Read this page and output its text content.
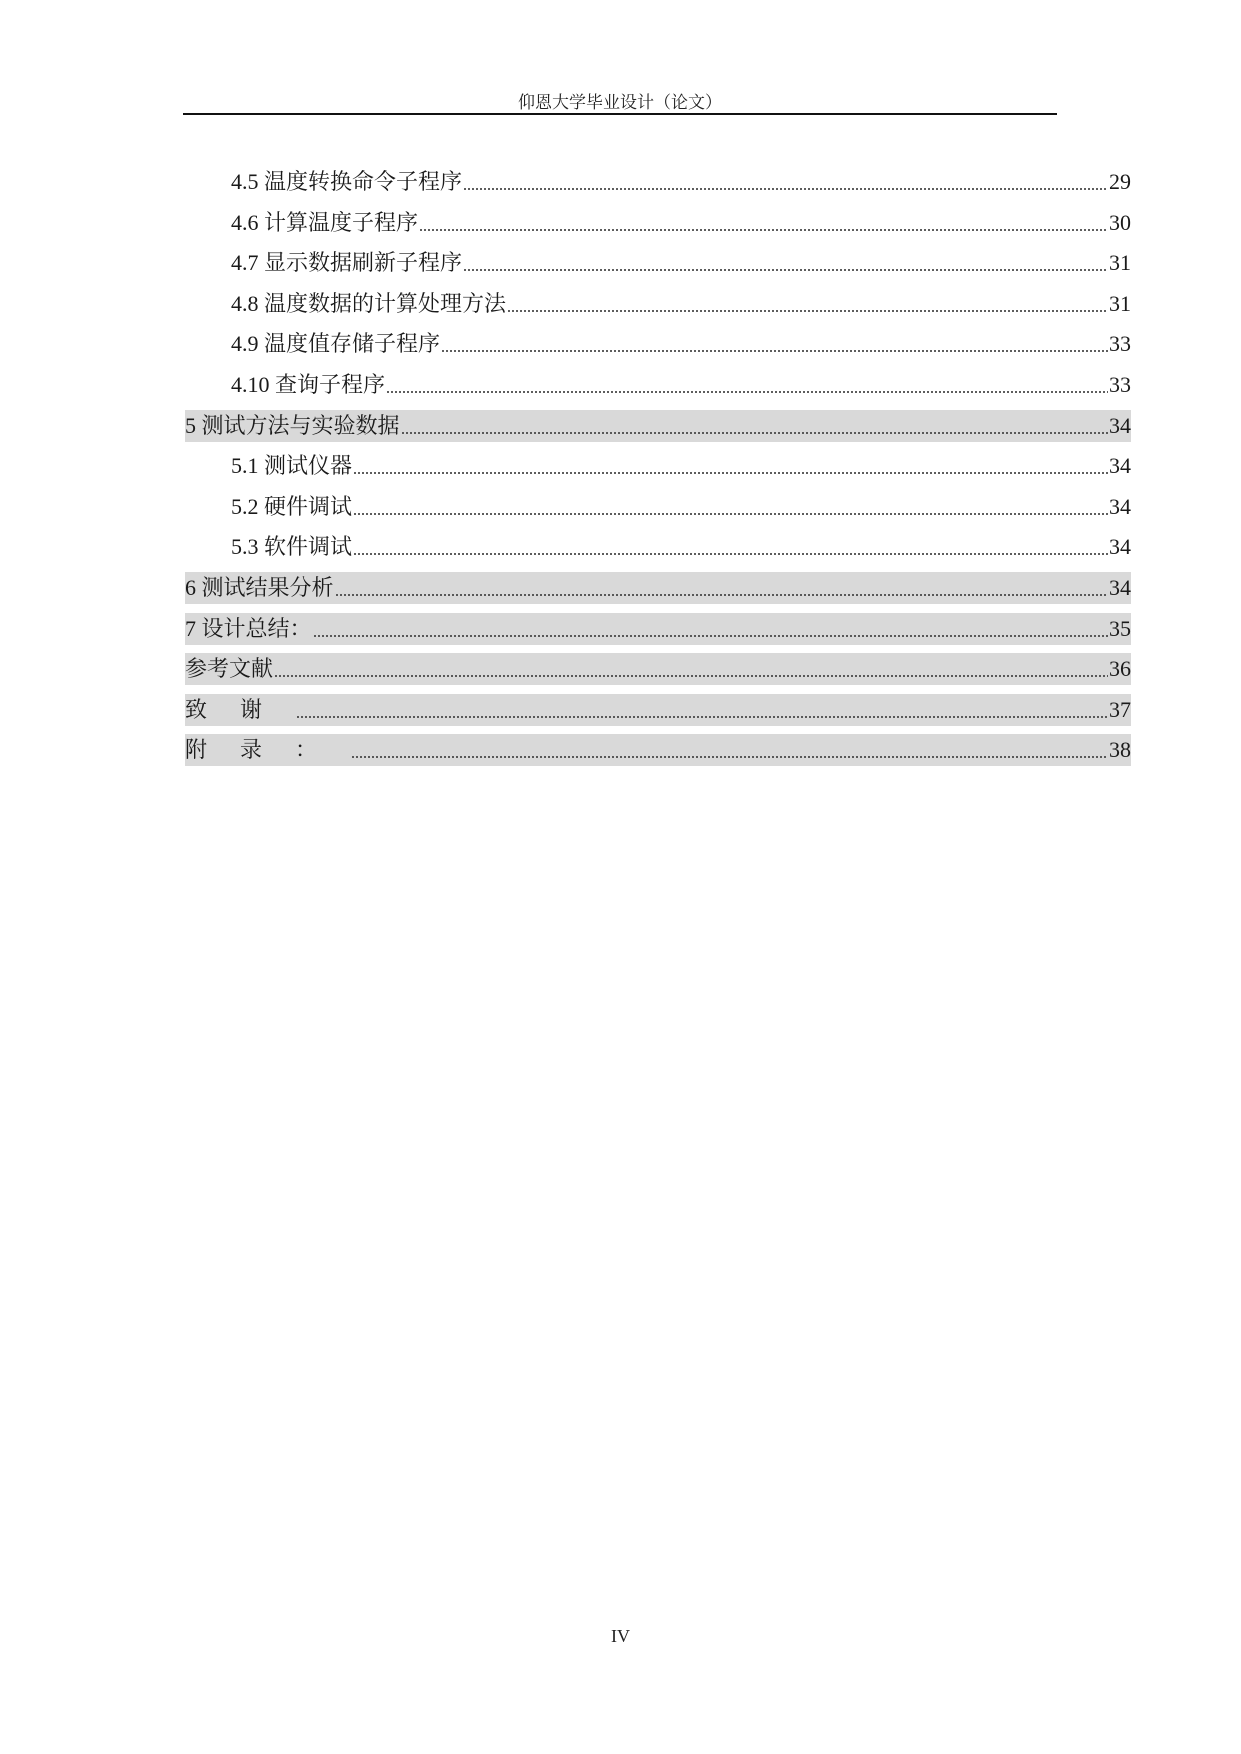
仰恩大学毕业设计（论文）
4.5 温度转换命令子程序	29
4.6 计算温度子程序	30
4.7 显示数据刷新子程序	31
4.8 温度数据的计算处理方法	31
4.9 温度值存储子程序	33
4.10 查询子程序	33
5 测试方法与实验数据	34
5.1 测试仪器	34
5.2 硬件调试	34
5.3 软件调试	34
6 测试结果分析	34
7 设计总结：	35
参考文献	36
致谢	37
附录：	38
IV
